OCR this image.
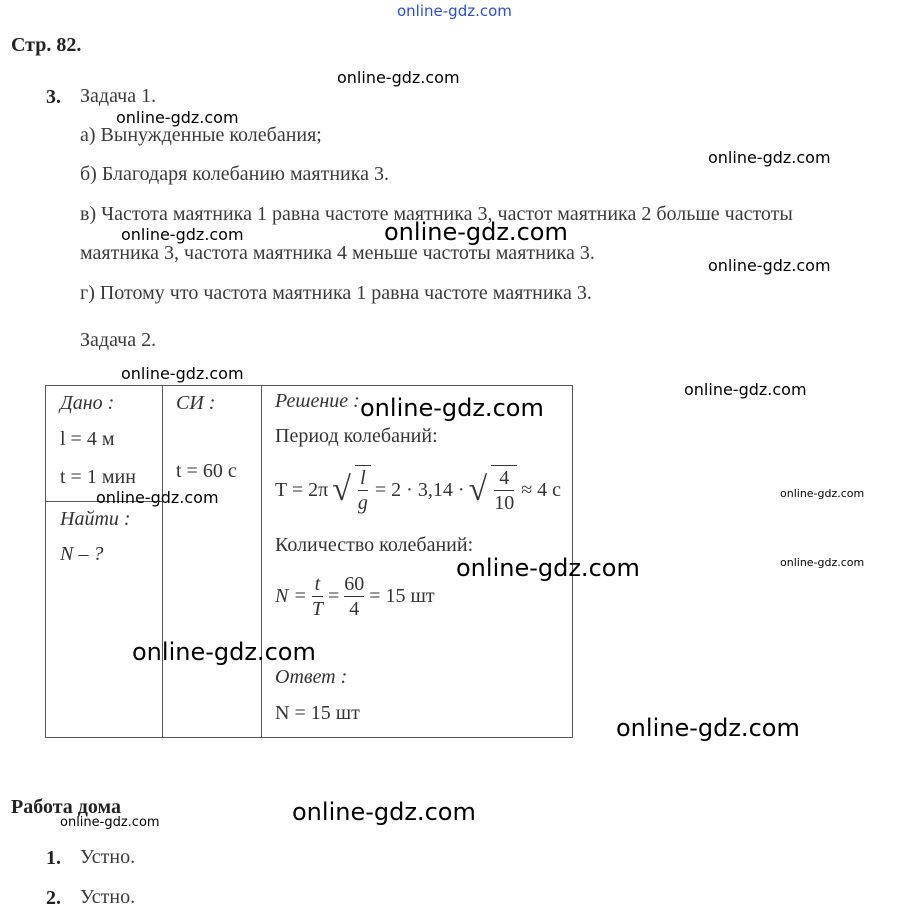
online-gdz.com
Стр. 82.
3. Задача 1.
а) Вынужденные колебания;
б) Благодаря колебанию маятника 3.
в) Частота маятника 1 равна частоте маятника 3, частот маятника 2 больше частоты
маятника 3, частота маятника 4 меньше частоты маятника 3.
г) Потому что частота маятника 1 равна частоте маятника 3.
Задача 2.
Дано :
l = 4 м
t = 1 мин
Найти :
N – ?
СИ :
t = 60 с
Решение :
Период колебаний:
T = 2π √ $\frac{l}{g} = 2 \cdot 3,14$ · √ $\frac{4}{10} \approx 4$ с
Количество колебаний:
$N = \frac{t}{T} = \frac{60}{4} = 15$ шт
Ответ :
N = 15 шт
Работа дома
1. Устно.
2. Устно.
online-gdz.com
online-gdz.com
online-gdz.com
online-gdz.com	online-gdz.com
online-gdz.com
online-gdz.com
online-gdz.com
online-gdz.com
online-gdz.com	online-gdz.com
online-gdz.com
online-gdz.com
online-gdz.com
online-gdz.com
online-gdz.com
online-gdz.com
